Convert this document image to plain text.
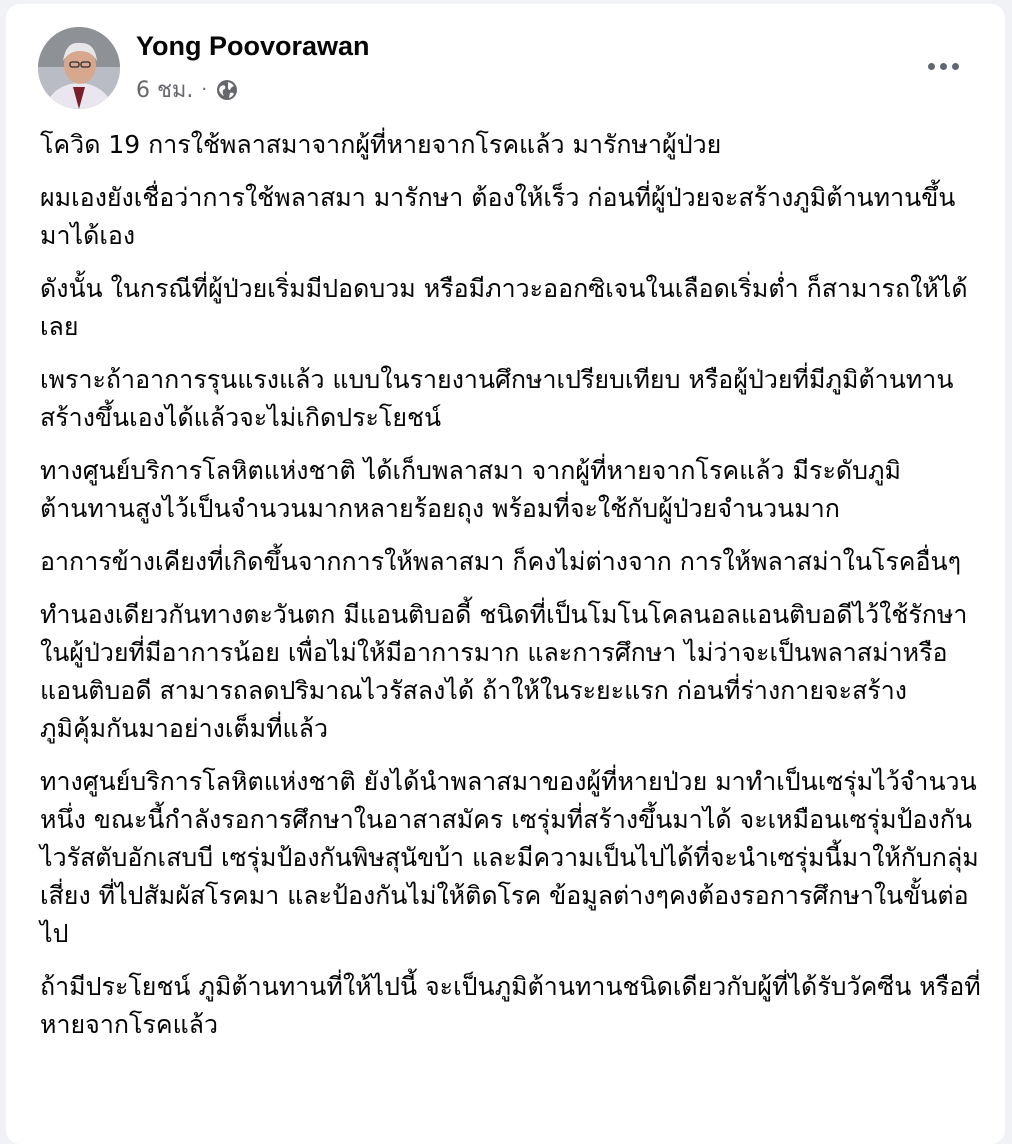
Yong Poovorawan
6 ชม. ·

โควิด 19 การใช้พลาสมาจากผู้ที่หายจากโรคแล้ว มารักษาผู้ป่วย

ผมเองยังเชื่อว่าการใช้พลาสมา มารักษา ต้องให้เร็ว ก่อนที่ผู้ป่วยจะสร้างภูมิต้านทานขึ้นมาได้เอง

ดังนั้น ในกรณีที่ผู้ป่วยเริ่มมีปอดบวม หรือมีภาวะออกซิเจนในเลือดเริ่มต่ำ ก็สามารถให้ได้เลย

เพราะถ้าอาการรุนแรงแล้ว แบบในรายงานศึกษาเปรียบเทียบ หรือผู้ป่วยที่มีภูมิต้านทานสร้างขึ้นเองได้แล้วจะไม่เกิดประโยชน์

ทางศูนย์บริการโลหิตแห่งชาติ ได้เก็บพลาสมา จากผู้ที่หายจากโรคแล้ว มีระดับภูมิต้านทานสูงไว้เป็นจำนวนมากหลายร้อยถุง พร้อมที่จะใช้กับผู้ป่วยจำนวนมาก

อาการข้างเคียงที่เกิดขึ้นจากการให้พลาสมา ก็คงไม่ต่างจาก การให้พลาสม่าในโรคอื่นๆ

ทำนองเดียวกันทางตะวันตก มีแอนติบอดี้ ชนิดที่เป็นโมโนโคลนอลแอนติบอดีไว้ใช้รักษาในผู้ป่วยที่มีอาการน้อย เพื่อไม่ให้มีอาการมาก และการศึกษา ไม่ว่าจะเป็นพลาสม่าหรือแอนติบอดี สามารถลดปริมาณไวรัสลงได้ ถ้าให้ในระยะแรก ก่อนที่ร่างกายจะสร้างภูมิคุ้มกันมาอย่างเต็มที่แล้ว

ทางศูนย์บริการโลหิตแห่งชาติ ยังได้นำพลาสมาของผู้ที่หายป่วย มาทำเป็นเซรุ่มไว้จำนวนหนึ่ง ขณะนี้กำลังรอการศึกษาในอาสาสมัคร เซรุ่มที่สร้างขึ้นมาได้ จะเหมือนเซรุ่มป้องกันไวรัสตับอักเสบบี เซรุ่มป้องกันพิษสุนัขบ้า และมีความเป็นไปได้ที่จะนำเซรุ่มนี้มาให้กับกลุ่มเสี่ยง ที่ไปสัมผัสโรคมา และป้องกันไม่ให้ติดโรค ข้อมูลต่างๆคงต้องรอการศึกษาในขั้นต่อไป

ถ้ามีประโยชน์ ภูมิต้านทานที่ให้ไปนี้ จะเป็นภูมิต้านทานชนิดเดียวกับผู้ที่ได้รับวัคซีน หรือที่หายจากโรคแล้ว
